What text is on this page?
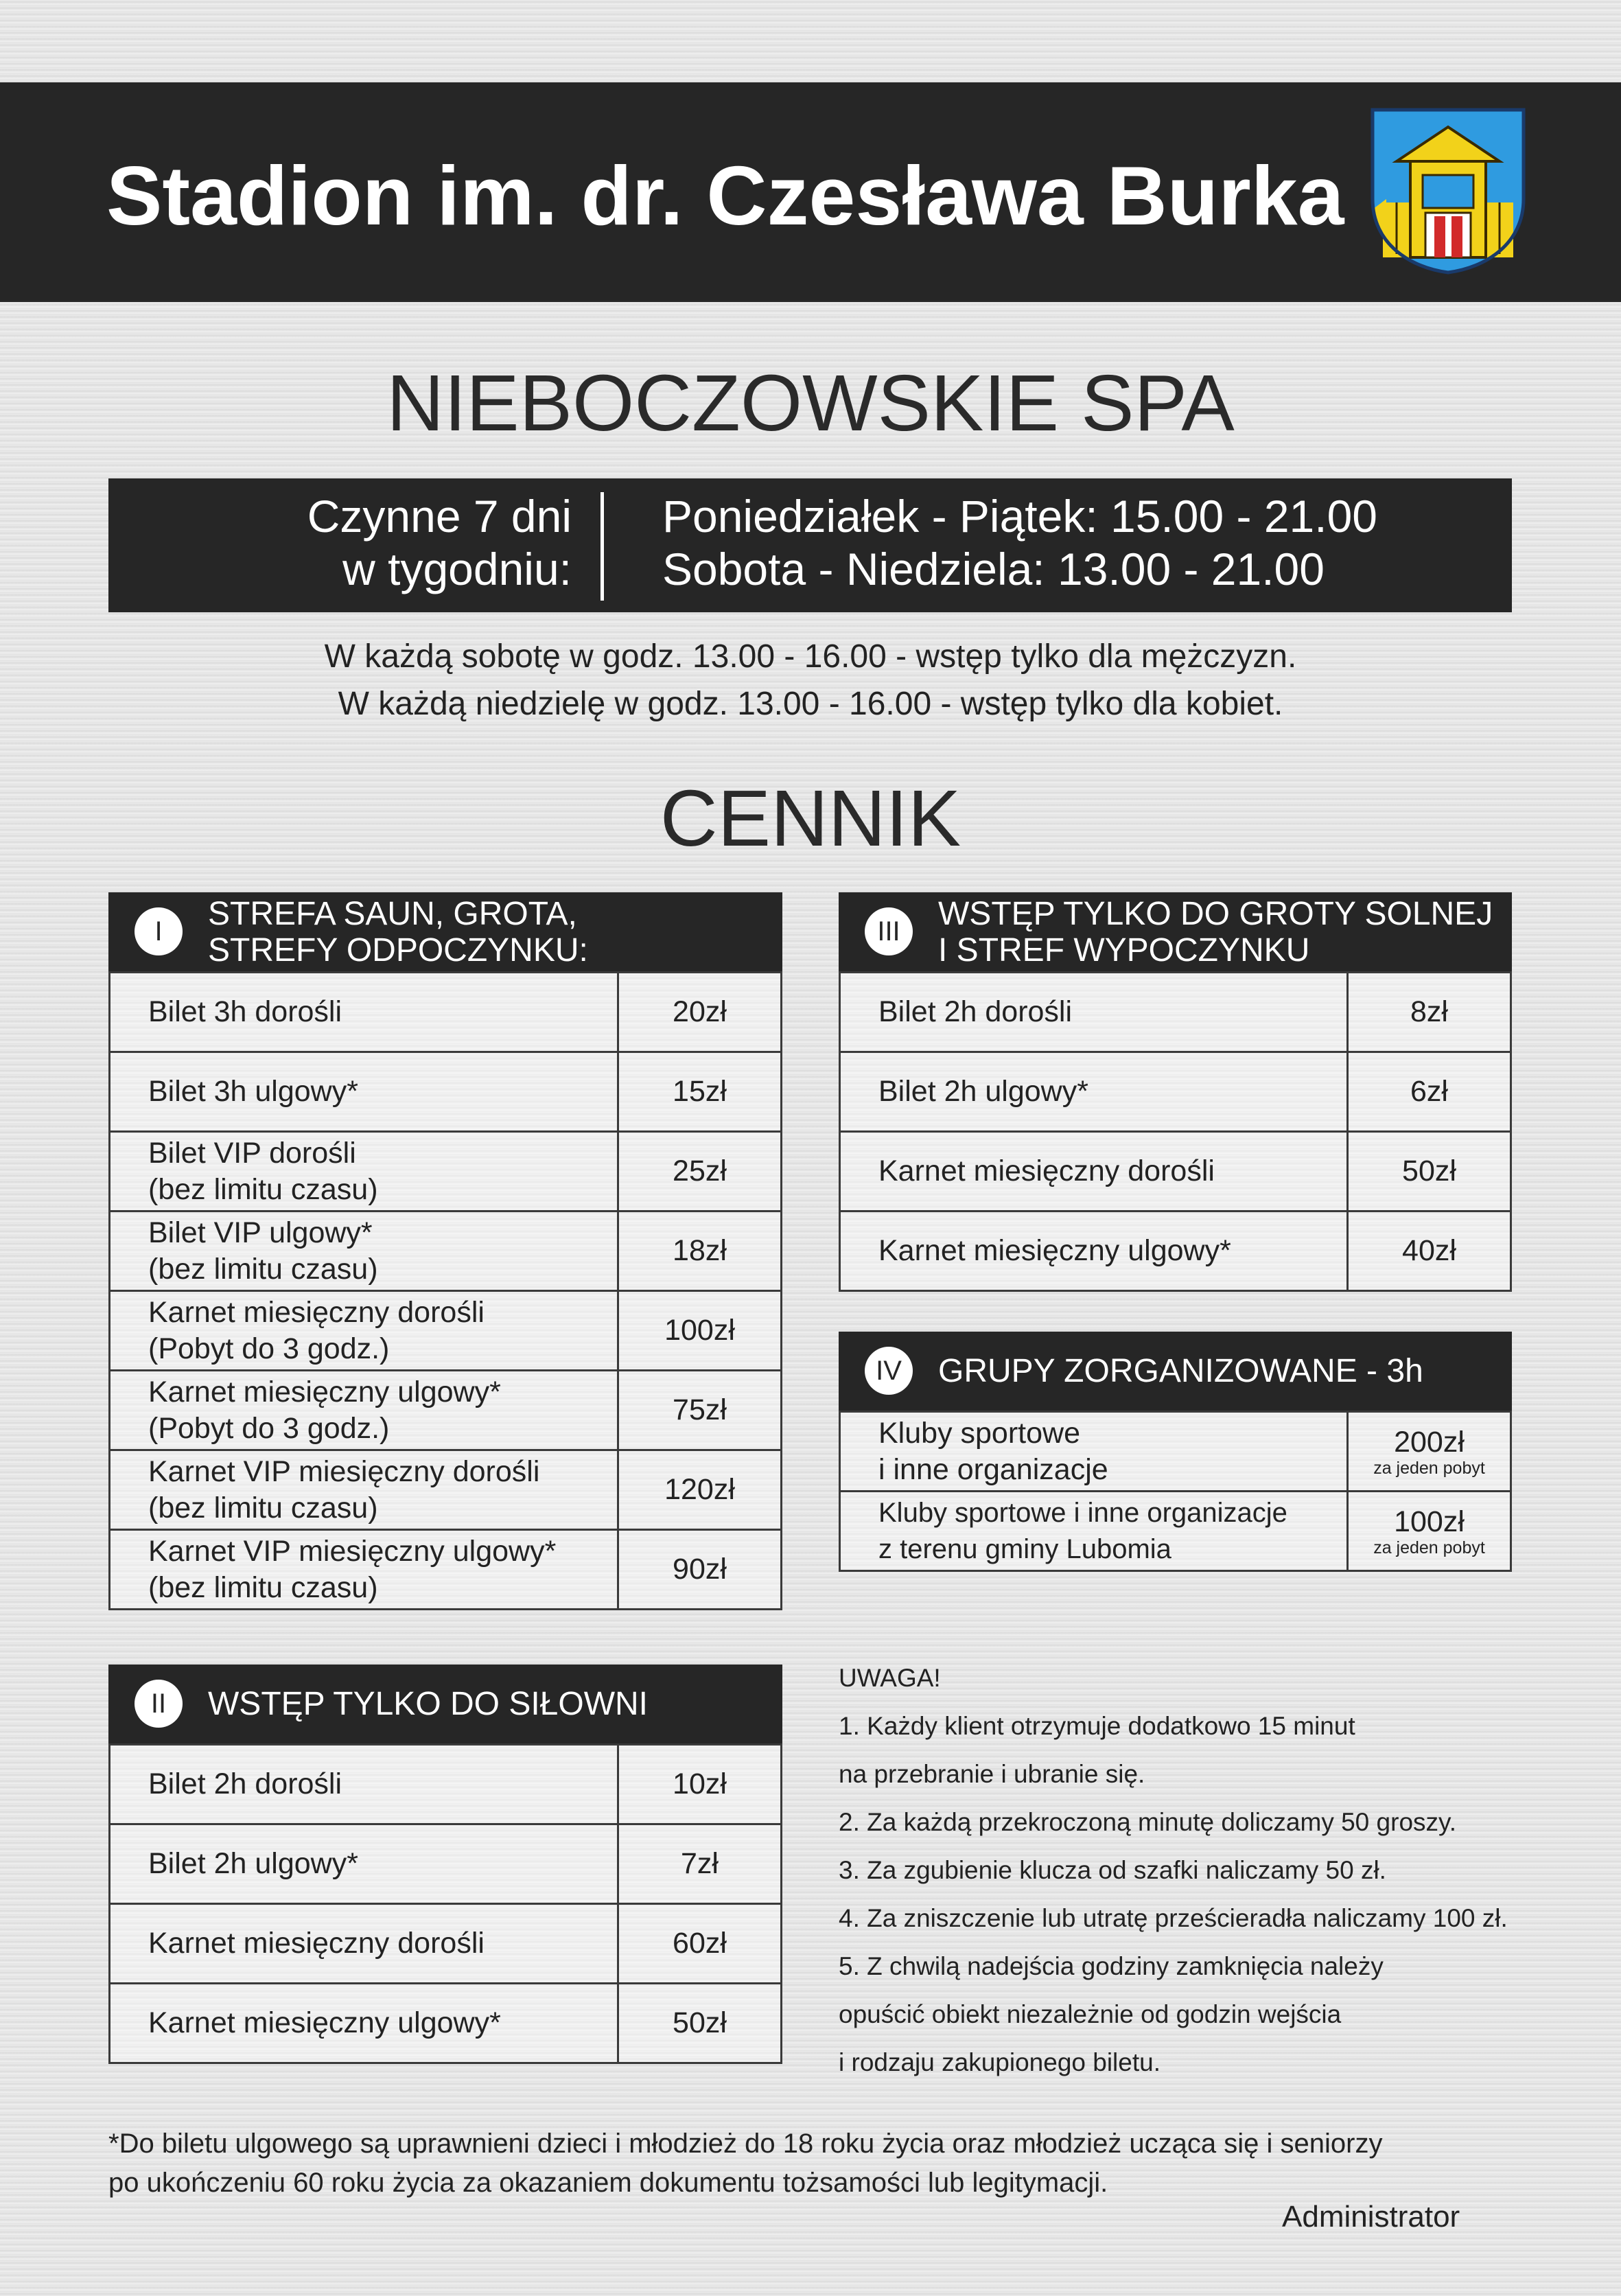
Stadion im. dr. Czesława Burka
NIEBOCZOWSKIE SPA
Czynne 7 dni
w tygodniu:
Poniedziałek - Piątek: 15.00 - 21.00
Sobota - Niedziela: 13.00 - 21.00
W każdą sobotę w godz. 13.00 - 16.00 - wstęp tylko dla mężczyzn.
W każdą niedzielę w godz. 13.00 - 16.00 - wstęp tylko dla kobiet.
CENNIK
I	STREFA SAUN, GROTA,
STREFY ODPOCZYNKU:
Bilet 3h dorośli	20zł
Bilet 3h ulgowy*	15zł
Bilet VIP dorośli
(bez limitu czasu)	25zł
Bilet VIP ulgowy*
(bez limitu czasu)	18zł
Karnet miesięczny dorośli
(Pobyt do 3 godz.)	100zł
Karnet miesięczny ulgowy*
(Pobyt do 3 godz.)	75zł
Karnet VIP miesięczny dorośli
(bez limitu czasu)	120zł
Karnet VIP miesięczny ulgowy*
(bez limitu czasu)	90zł
II	WSTĘP TYLKO DO SIŁOWNI
Bilet 2h dorośli	10zł
Bilet 2h ulgowy*	7zł
Karnet miesięczny dorośli	60zł
Karnet miesięczny ulgowy*	50zł
III	WSTĘP TYLKO DO GROTY SOLNEJ
I STREF WYPOCZYNKU
Bilet 2h dorośli	8zł
Bilet 2h ulgowy*	6zł
Karnet miesięczny dorośli	50zł
Karnet miesięczny ulgowy*	40zł
IV	GRUPY ZORGANIZOWANE - 3h
Kluby sportowe
i inne organizacje	200zł
za jeden pobyt

Kluby sportowe i inne organizacje
z terenu gminy Lubomia	100zł
za jeden pobyt
UWAGA!
1. Każdy klient otrzymuje dodatkowo 15 minut
na przebranie i ubranie się.
2. Za każdą przekroczoną minutę doliczamy 50 groszy.
3. Za zgubienie klucza od szafki naliczamy 50 zł.
4. Za zniszczenie lub utratę prześcieradła naliczamy 100 zł.
5. Z chwilą nadejścia godziny zamknięcia należy
opuścić obiekt niezależnie od godzin wejścia
i rodzaju zakupionego biletu.
*Do biletu ulgowego są uprawnieni dzieci i młodzież do 18 roku życia oraz młodzież ucząca się i seniorzy
po ukończeniu 60 roku życia za okazaniem dokumentu tożsamości lub legitymacji.
Administrator
